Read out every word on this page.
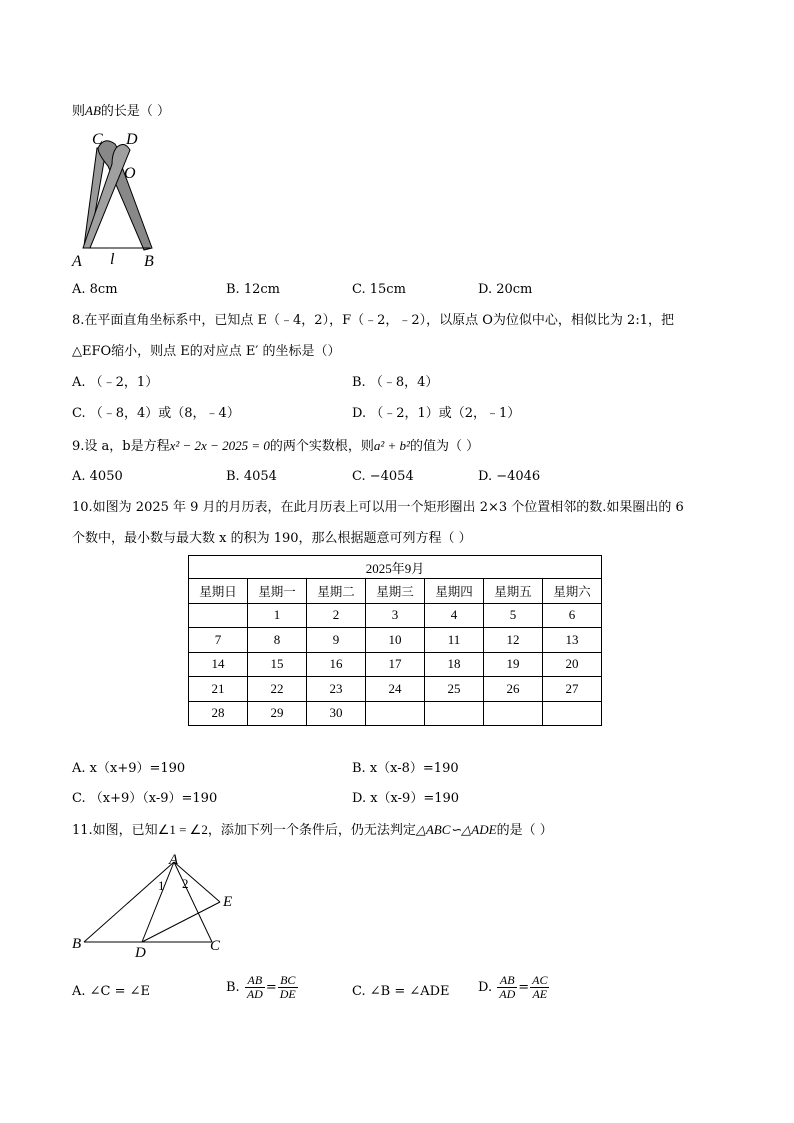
则AB的长是（ ）
C D
O
A l B
A. 8cm	B. 12cm	C. 15cm	D. 20cm
8.在平面直角坐标系中，已知点 E（﹣4，2），F（﹣2，﹣2），以原点 O为位似中心，相似比为 2:1，把
△EFO缩小，则点 E的对应点 E′ 的坐标是（）
A. （﹣2，1）	B. （﹣8，4）
C. （﹣8，4）或（8，﹣4）	D. （﹣2，1）或（2，﹣1）
9.设 a，b是方程x² − 2x − 2025 = 0的两个实数根，则a² + b²的值为（ ）
A. 4050	B. 4054	C. −4054	D. −4046
10.如图为 2025 年 9 月的月历表，在此月历表上可以用一个矩形圈出 2×3 个位置相邻的数.如果圈出的 6
个数中，最小数与最大数 x 的积为 190，那么根据题意可列方程（ ）
2025年9月						
星期日	星期一	星期二	星期三	星期四	星期五	星期六
	1	2	3	4	5	6
7	8	9	10	11	12	13
14	15	16	17	18	19	20
21	22	23	24	25	26	27
28	29	30				
A. x（x+9）=190	B. x（x-8）=190
C. （x+9）（x-9）=190	D. x（x-9）=190
11.如图，已知∠1 = ∠2，添加下列一个条件后，仍无法判定△ABC∽△ADE的是（ ）
A
B	C
D
E
1 2
A. ∠C = ∠E	B. $\frac{AB}{AD} = \frac{BC}{DE}$	C. ∠B = ∠ADE D. $\frac{AB}{AD} = \frac{AC}{AE}$
